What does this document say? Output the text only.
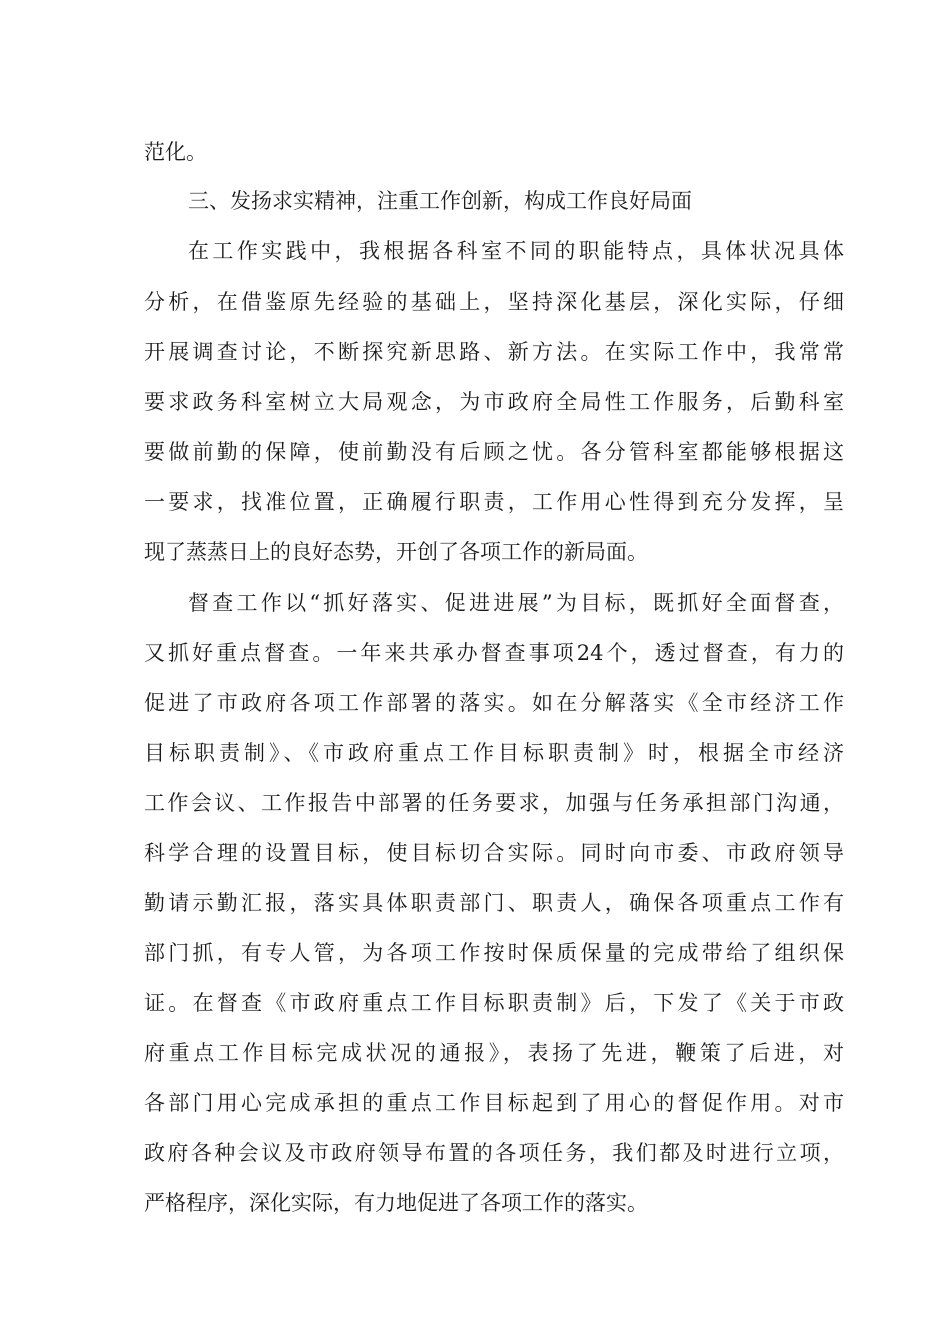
范化。
三、发扬求实精神，注重工作创新，构成工作良好局面
在工作实践中，我根据各科室不同的职能特点，具体状况具体
分析，在借鉴原先经验的基础上，坚持深化基层，深化实际，仔细
开展调查讨论，不断探究新思路、新方法。在实际工作中，我常常
要求政务科室树立大局观念，为市政府全局性工作服务，后勤科室
要做前勤的保障，使前勤没有后顾之忧。各分管科室都能够根据这
一要求，找准位置，正确履行职责，工作用心性得到充分发挥，呈
现了蒸蒸日上的良好态势，开创了各项工作的新局面。
督查工作以“抓好落实、促进进展”为目标，既抓好全面督查，
又抓好重点督查。一年来共承办督查事项24个，透过督查，有力的
促进了市政府各项工作部署的落实。如在分解落实《全市经济工作
目标职责制》、《市政府重点工作目标职责制》时，根据全市经济
工作会议、工作报告中部署的任务要求，加强与任务承担部门沟通，
科学合理的设置目标，使目标切合实际。同时向市委、市政府领导
勤请示勤汇报，落实具体职责部门、职责人，确保各项重点工作有
部门抓，有专人管，为各项工作按时保质保量的完成带给了组织保
证。在督查《市政府重点工作目标职责制》后，下发了《关于市政
府重点工作目标完成状况的通报》，表扬了先进，鞭策了后进，对
各部门用心完成承担的重点工作目标起到了用心的督促作用。对市
政府各种会议及市政府领导布置的各项任务，我们都及时进行立项，
严格程序，深化实际，有力地促进了各项工作的落实。
